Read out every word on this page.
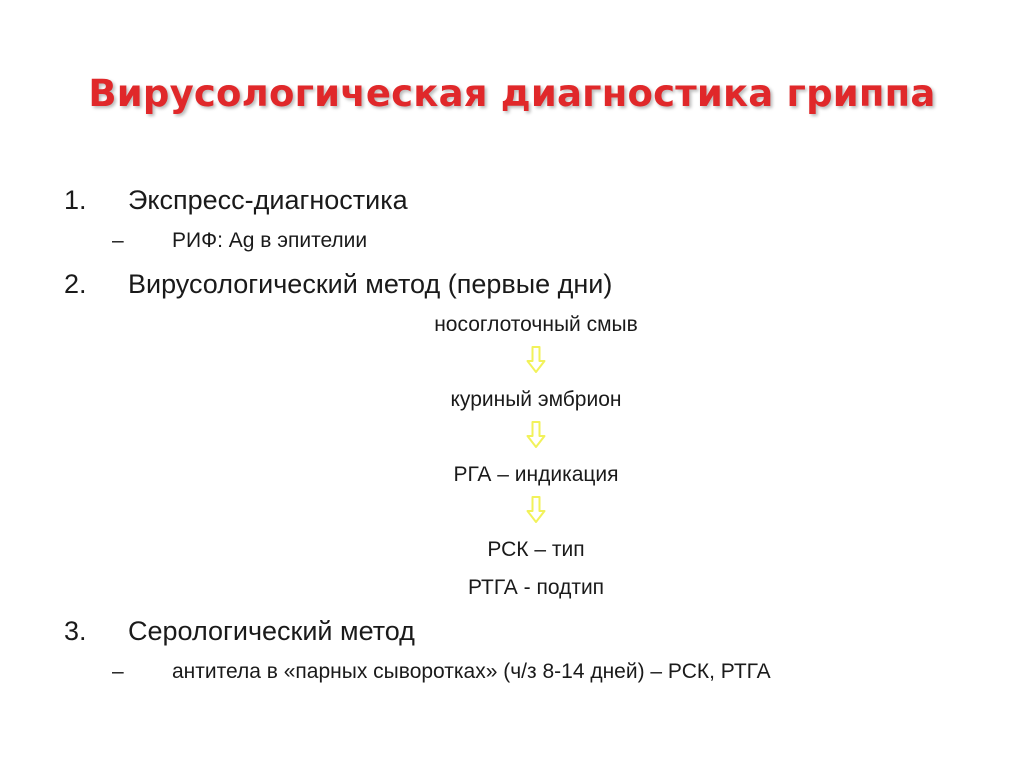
Вирусологическая диагностика гриппа
1. Экспресс-диагностика
– РИФ: Ag в эпителии
2. Вирусологический метод (первые дни)
носоглоточный смыв
куриный эмбрион
РГА – индикация
РСК – тип
РТГА - подтип
3. Серологический метод
– антитела в «парных сыворотках» (ч/з 8-14 дней) – РСК, РТГА
